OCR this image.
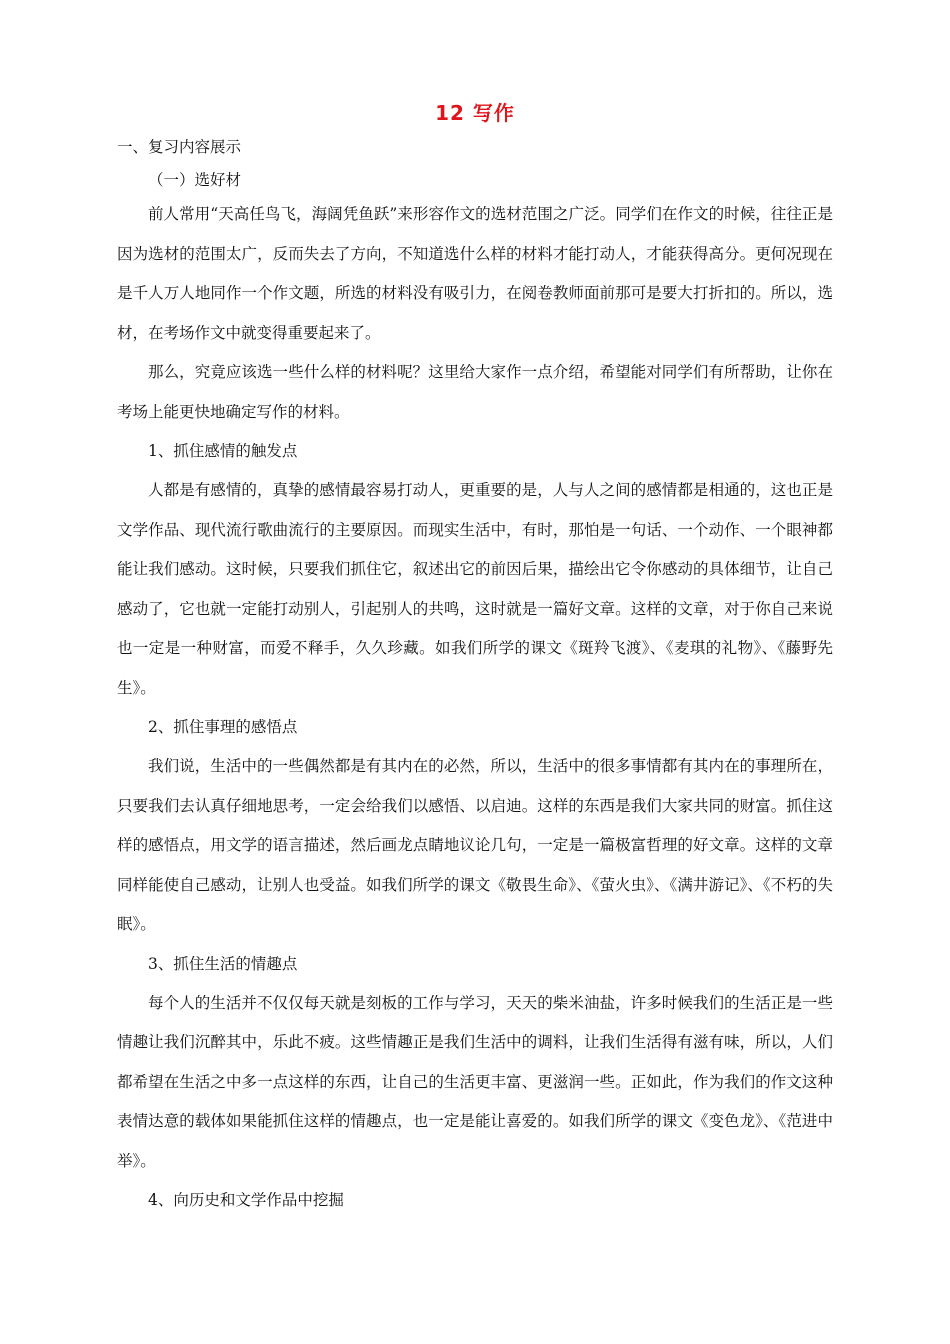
12 写作
一、复习内容展示
（一）选好材

前人常用“天高任鸟飞，海阔凭鱼跃”来形容作文的选材范围之广泛。同学们在作文的时候，往往正是因为选材的范围太广，反而失去了方向，不知道选什么样的材料才能打动人，才能获得高分。更何况现在是千人万人地同作一个作文题，所选的材料没有吸引力，在阅卷教师面前那可是要大打折扣的。所以，选材，在考场作文中就变得重要起来了。

那么，究竟应该选一些什么样的材料呢？这里给大家作一点介绍，希望能对同学们有所帮助，让你在考场上能更快地确定写作的材料。

1、抓住感情的触发点

人都是有感情的，真挚的感情最容易打动人，更重要的是，人与人之间的感情都是相通的，这也正是文学作品、现代流行歌曲流行的主要原因。而现实生活中，有时，那怕是一句话、一个动作、一个眼神都能让我们感动。这时候，只要我们抓住它，叙述出它的前因后果，描绘出它令你感动的具体细节，让自己感动了，它也就一定能打动别人，引起别人的共鸣，这时就是一篇好文章。这样的文章，对于你自己来说也一定是一种财富，而爱不释手，久久珍藏。如我们所学的课文《斑羚飞渡》、《麦琪的礼物》、《藤野先生》。

2、抓住事理的感悟点

我们说，生活中的一些偶然都是有其内在的必然，所以，生活中的很多事情都有其内在的事理所在，只要我们去认真仔细地思考，一定会给我们以感悟、以启迪。这样的东西是我们大家共同的财富。抓住这样的感悟点，用文学的语言描述，然后画龙点睛地议论几句，一定是一篇极富哲理的好文章。这样的文章同样能使自己感动，让别人也受益。如我们所学的课文《敬畏生命》、《萤火虫》、《满井游记》、《不朽的失眠》。

3、抓住生活的情趣点

每个人的生活并不仅仅每天就是刻板的工作与学习，天天的柴米油盐，许多时候我们的生活正是一些情趣让我们沉醉其中，乐此不疲。这些情趣正是我们生活中的调料，让我们生活得有滋有味，所以，人们都希望在生活之中多一点这样的东西，让自己的生活更丰富、更滋润一些。正如此，作为我们的作文这种表情达意的载体如果能抓住这样的情趣点，也一定是能让喜爱的。如我们所学的课文《变色龙》、《范进中举》。

4、向历史和文学作品中挖掘
